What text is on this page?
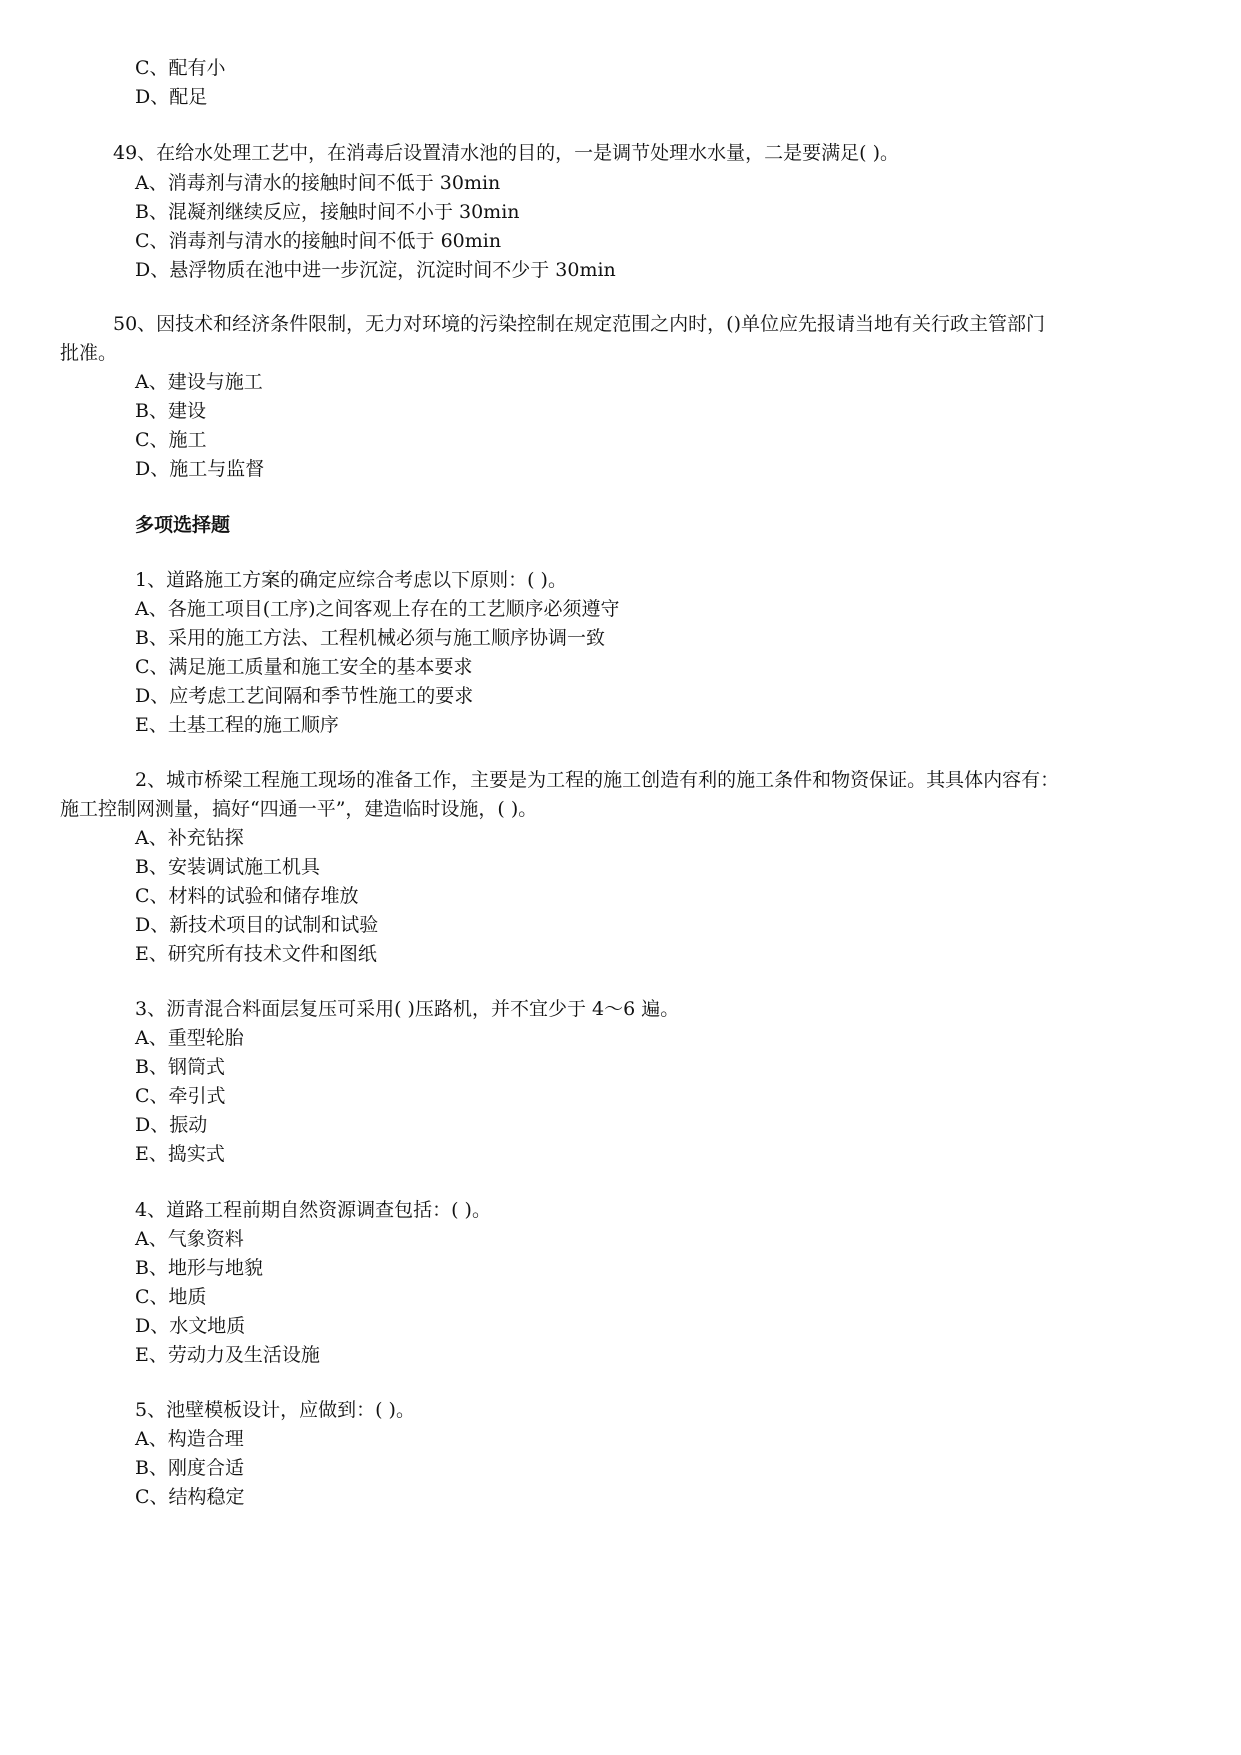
C、配有小
D、配足
49、在给水处理工艺中，在消毒后设置清水池的目的，一是调节处理水水量，二是要满足( )。
A、消毒剂与清水的接触时间不低于 30min
B、混凝剂继续反应，接触时间不小于 30min
C、消毒剂与清水的接触时间不低于 60min
D、悬浮物质在池中进一步沉淀，沉淀时间不少于 30min
50、因技术和经济条件限制，无力对环境的污染控制在规定范围之内时，()单位应先报请当地有关行政主管部门
批准。
A、建设与施工
B、建设
C、施工
D、施工与监督
多项选择题
1、道路施工方案的确定应综合考虑以下原则：( )。
A、各施工项目(工序)之间客观上存在的工艺顺序必须遵守
B、采用的施工方法、工程机械必须与施工顺序协调一致
C、满足施工质量和施工安全的基本要求
D、应考虑工艺间隔和季节性施工的要求
E、土基工程的施工顺序
2、城市桥梁工程施工现场的准备工作，主要是为工程的施工创造有利的施工条件和物资保证。其具体内容有：
施工控制网测量，搞好“四通一平”，建造临时设施，( )。
A、补充钻探
B、安装调试施工机具
C、材料的试验和储存堆放
D、新技术项目的试制和试验
E、研究所有技术文件和图纸
3、沥青混合料面层复压可采用( )压路机，并不宜少于 4～6 遍。
A、重型轮胎
B、钢筒式
C、牵引式
D、振动
E、捣实式
4、道路工程前期自然资源调查包括：( )。
A、气象资料
B、地形与地貌
C、地质
D、水文地质
E、劳动力及生活设施
5、池壁模板设计，应做到：( )。
A、构造合理
B、刚度合适
C、结构稳定
